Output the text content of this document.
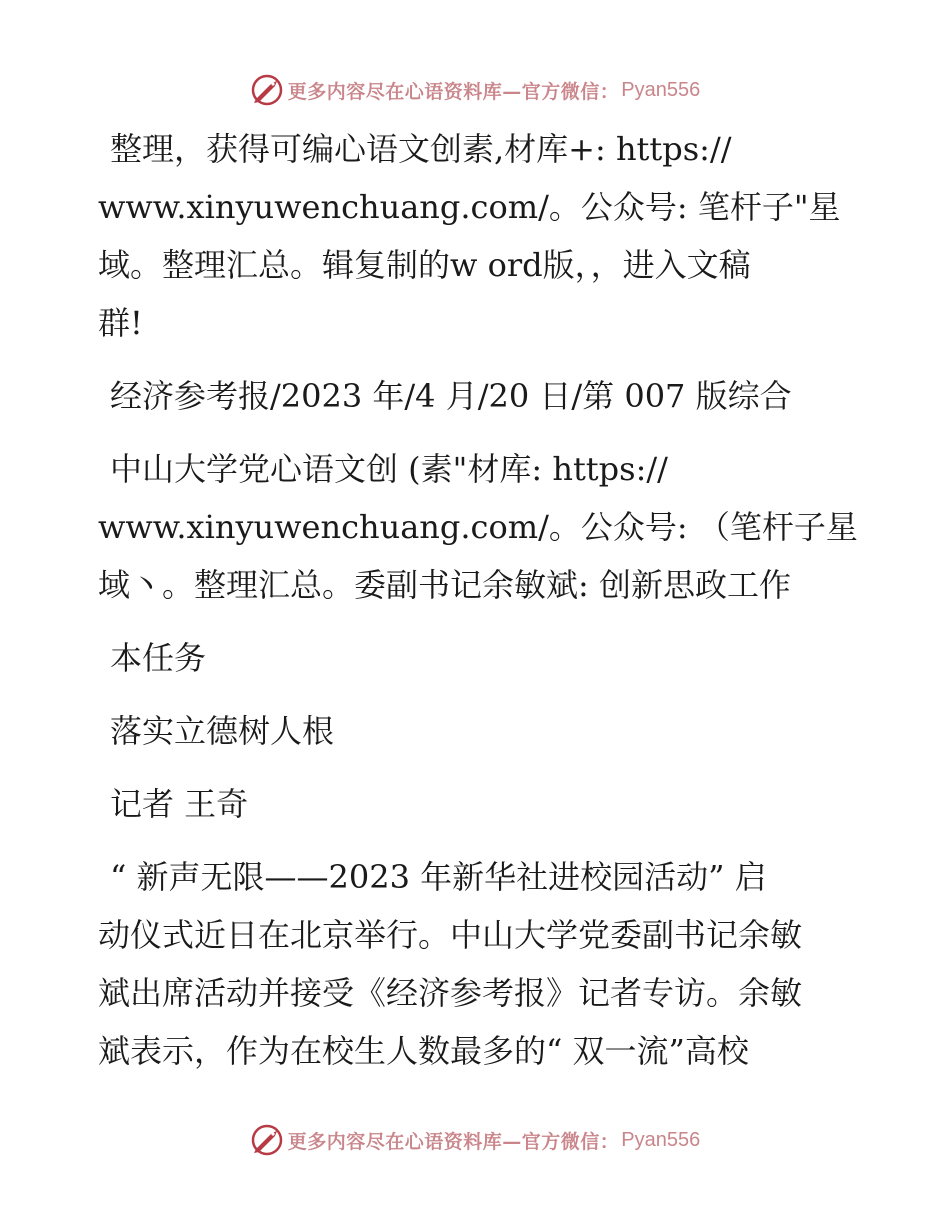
更多内容尽在心语资料库—官方微信： Pyan556
整理，获得可编心语文创素,材库+: https://
www.xinyuwenchuang.com/。公众号: 笔杆子"星
域。整理汇总。辑复制的w ord版，，进入文稿
群!
经济参考报/2023 年/4 月/20 日/第 007 版综合
中山大学党心语文创 (素"材库: https://
www.xinyuwenchuang.com/。公众号: （笔杆子星
域丶。整理汇总。委副书记余敏斌: 创新思政工作
本任务
落实立德树人根
记者 王奇
“ 新声无限——2023 年新华社进校园活动” 启
动仪式近日在北京举行。中山大学党委副书记余敏
斌出席活动并接受《经济参考报》记者专访。余敏
斌表示，作为在校生人数最多的“ 双一流”高校
更多内容尽在心语资料库—官方微信： Pyan556
